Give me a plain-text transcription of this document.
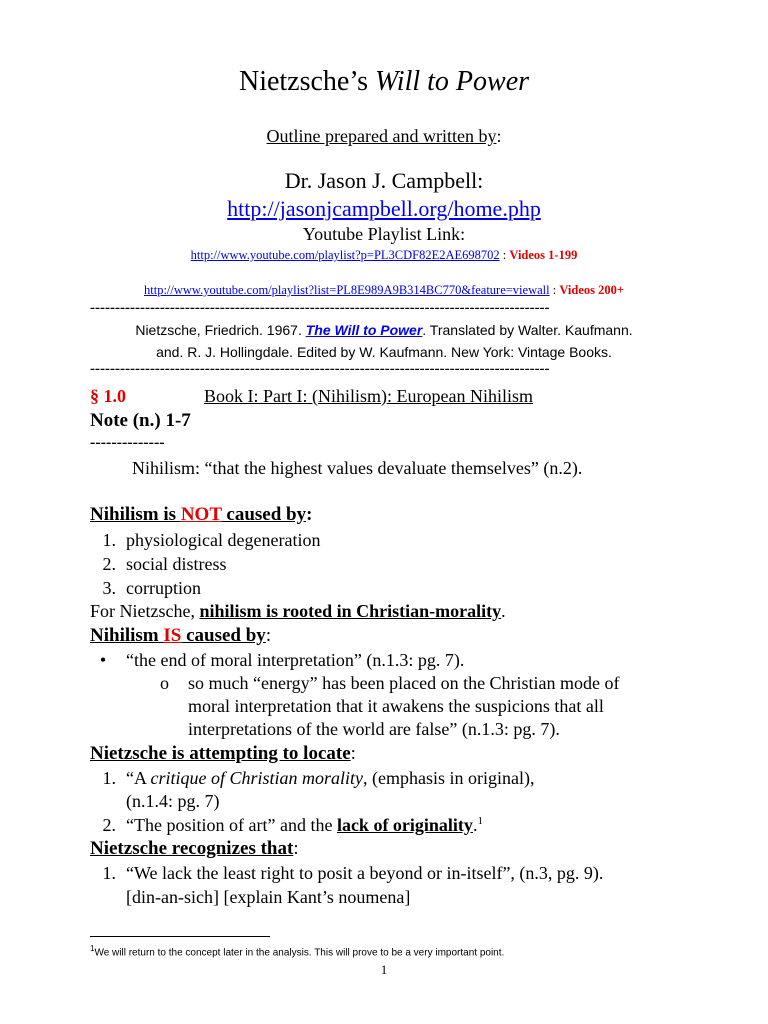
Nietzsche’s Will to Power
Outline prepared and written by:
Dr. Jason J. Campbell:
http://jasonjcampbell.org/home.php
Youtube Playlist Link:
http://www.youtube.com/playlist?p=PL3CDF82E2AE698702 : Videos 1-199
http://www.youtube.com/playlist?list=PL8E989A9B314BC770&feature=viewall : Videos 200+
--------------------------------------------------------------------------------------------
Nietzsche, Friedrich. 1967. The Will to Power. Translated by Walter. Kaufmann.
and. R. J. Hollingdale. Edited by W. Kaufmann. New York: Vintage Books.
--------------------------------------------------------------------------------------------
§ 1.0	Book I: Part I: (Nihilism): European Nihilism
Note (n.) 1-7
--------------
Nihilism: “that the highest values devaluate themselves” (n.2).
Nihilism is NOT caused by:
1. physiological degeneration
2. social distress
3. corruption
For Nietzsche, nihilism is rooted in Christian-morality.
Nihilism IS caused by:
• “the end of moral interpretation” (n.1.3: pg. 7).
o so much “energy” has been placed on the Christian mode of
moral interpretation that it awakens the suspicions that all
interpretations of the world are false” (n.1.3: pg. 7).
Nietzsche is attempting to locate:
1. “A critique of Christian morality, (emphasis in original),
(n.1.4: pg. 7)
2. “The position of art” and the lack of originality.$^1$
Nietzsche recognizes that:
1. “We lack the least right to posit a beyond or in-itself”, (n.3, pg. 9).
[din-an-sich] [explain Kant’s noumena]
$^1$We will return to the concept later in the analysis. This will prove to be a very important point.
1
